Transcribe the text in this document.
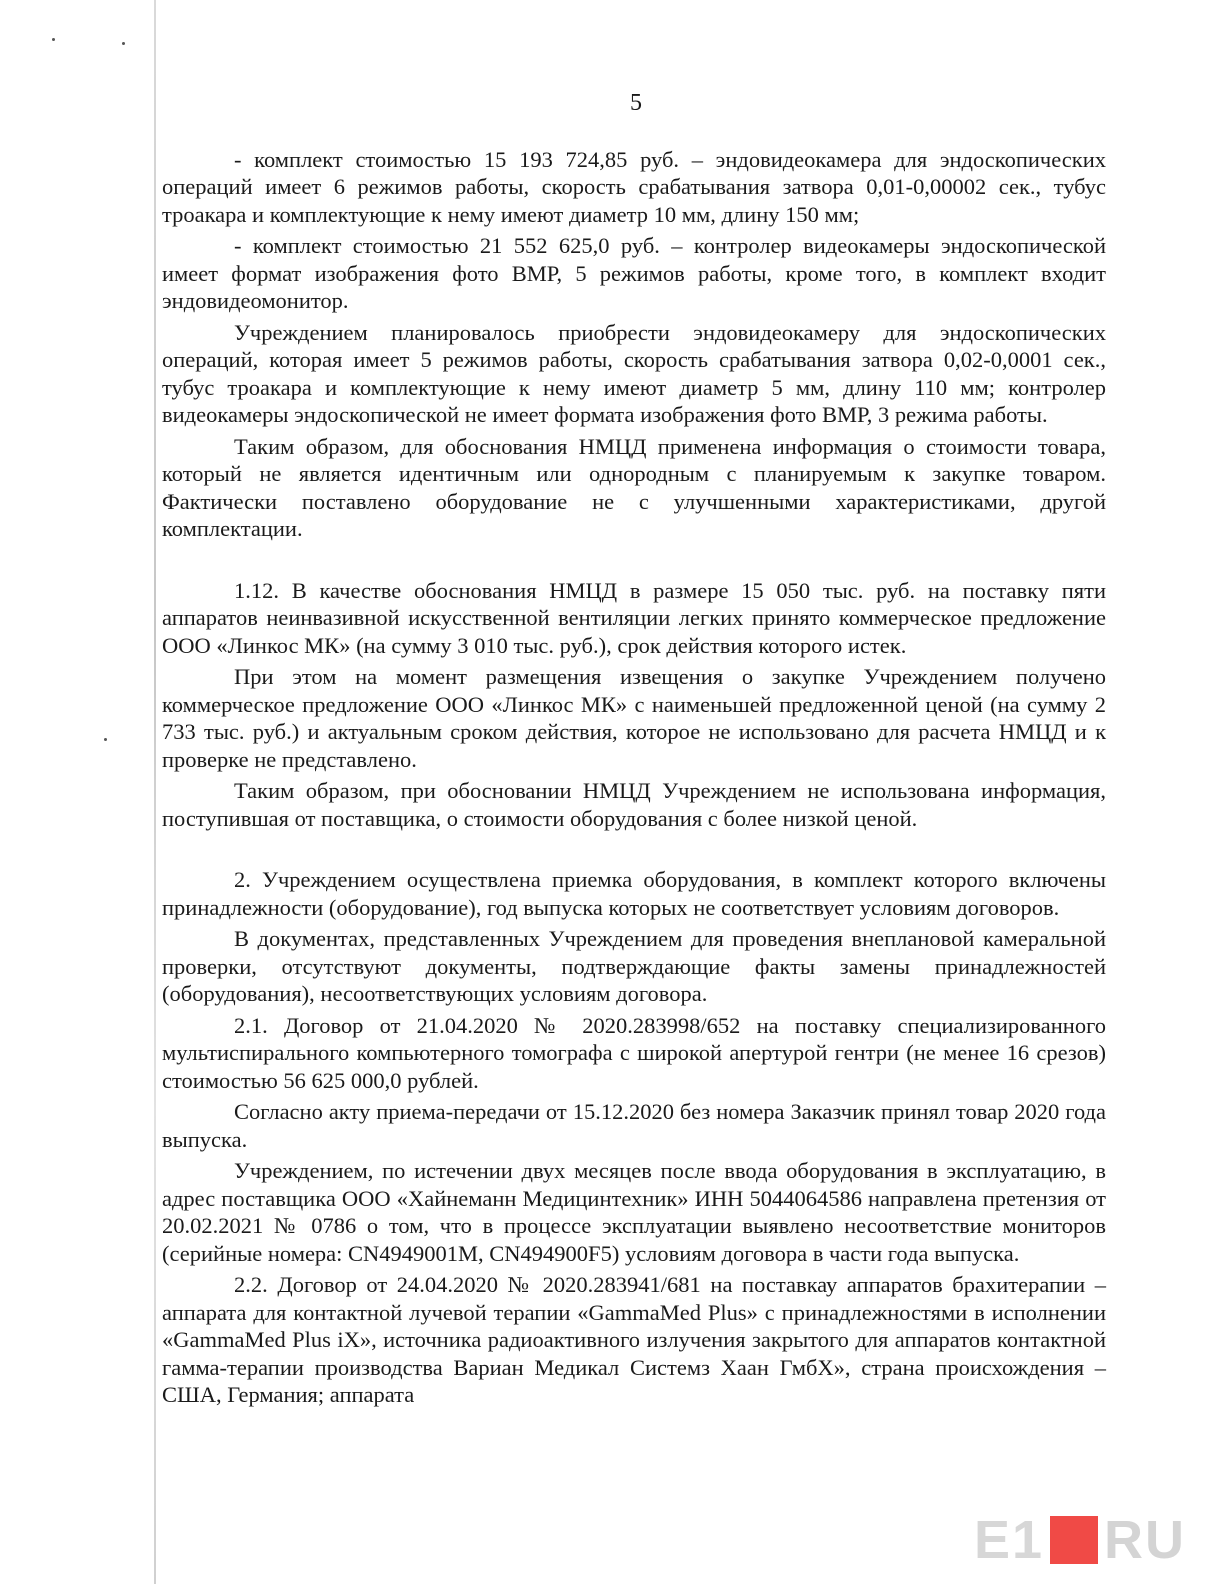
5

- комплект стоимостью 15 193 724,85 руб. – эндовидеокамера для эндоскопических операций имеет 6 режимов работы, скорость срабатывания затвора 0,01-0,00002 сек., тубус троакара и комплектующие к нему имеют диаметр 10 мм, длину 150 мм;

- комплект стоимостью 21 552 625,0 руб. – контролер видеокамеры эндоскопической имеет формат изображения фото ВМР, 5 режимов работы, кроме того, в комплект входит эндовидеомонитор.

Учреждением планировалось приобрести эндовидеокамеру для эндоскопических операций, которая имеет 5 режимов работы, скорость срабатывания затвора 0,02-0,0001 сек., тубус троакара и комплектующие к нему имеют диаметр 5 мм, длину 110 мм; контролер видеокамеры эндоскопической не имеет формата изображения фото ВМР, 3 режима работы.

Таким образом, для обоснования НМЦД применена информация о стоимости товара, который не является идентичным или однородным с планируемым к закупке товаром. Фактически поставлено оборудование не с улучшенными характеристиками, другой комплектации.

1.12. В качестве обоснования НМЦД в размере 15 050 тыс. руб. на поставку пяти аппаратов неинвазивной искусственной вентиляции легких принято коммерческое предложение ООО «Линкос МК» (на сумму 3 010 тыс. руб.), срок действия которого истек.

При этом на момент размещения извещения о закупке Учреждением получено коммерческое предложение ООО «Линкос МК» с наименьшей предложенной ценой (на сумму 2 733 тыс. руб.) и актуальным сроком действия, которое не использовано для расчета НМЦД и к проверке не представлено.

Таким образом, при обосновании НМЦД Учреждением не использована информация, поступившая от поставщика, о стоимости оборудования с более низкой ценой.

2. Учреждением осуществлена приемка оборудования, в комплект которого включены принадлежности (оборудование), год выпуска которых не соответствует условиям договоров.

В документах, представленных Учреждением для проведения внеплановой камеральной проверки, отсутствуют документы, подтверждающие факты замены принадлежностей (оборудования), несоответствующих условиям договора.

2.1. Договор от 21.04.2020 № 2020.283998/652 на поставку специализированного мультиспирального компьютерного томографа с широкой апертурой гентри (не менее 16 срезов) стоимостью 56 625 000,0 рублей.

Согласно акту приема-передачи от 15.12.2020 без номера Заказчик принял товар 2020 года выпуска.

Учреждением, по истечении двух месяцев после ввода оборудования в эксплуатацию, в адрес поставщика ООО «Хайнеманн Медицинтехник» ИНН 5044064586 направлена претензия от 20.02.2021 № 0786 о том, что в процессе эксплуатации выявлено несоответствие мониторов (серийные номера: CN4949001M, CN494900F5) условиям договора в части года выпуска.

2.2. Договор от 24.04.2020 № 2020.283941/681 на поставкау аппаратов брахитерапии – аппарата для контактной лучевой терапии «GammaMed Plus» с принадлежностями в исполнении «GammaMed Plus iX», источника радиоактивного излучения закрытого для аппаратов контактной гамма-терапии производства Вариан Медикал Системз Хаан ГмбХ», страна происхождения – США, Германия; аппарата

E1 RU
